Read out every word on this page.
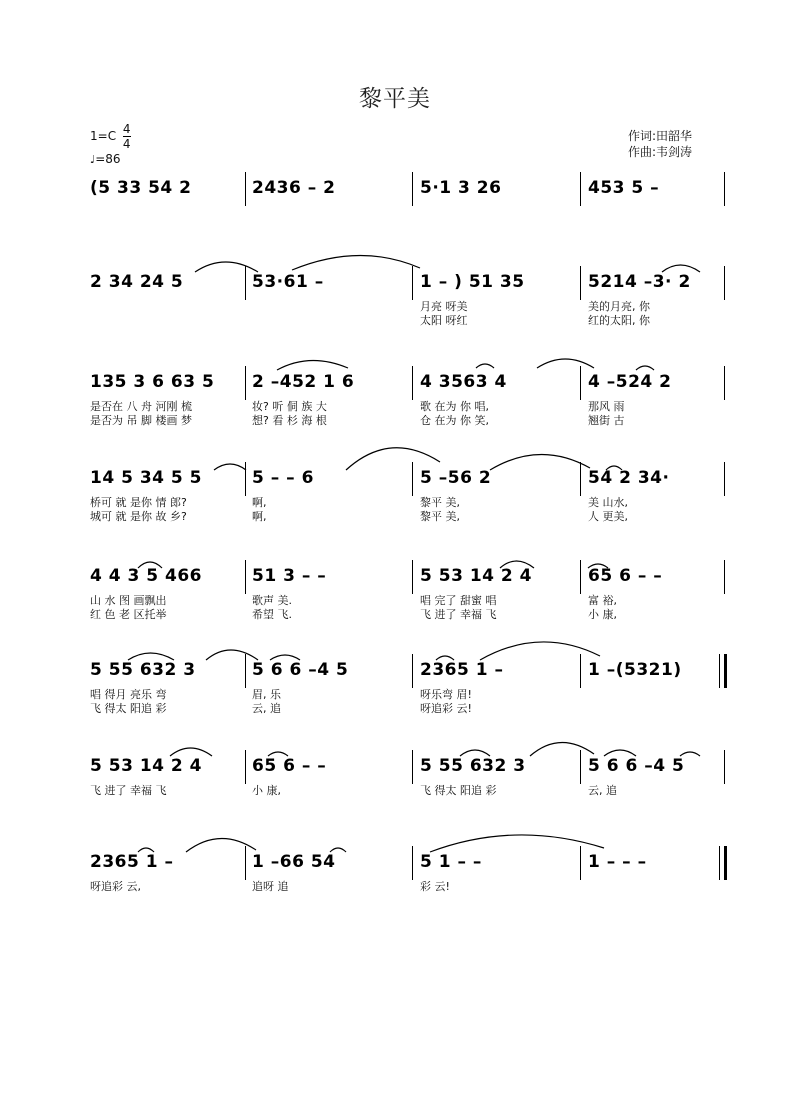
黎平美
$1=C \frac{4}{4}$
♩=86
作词:田韶华
作曲:韦剑涛
(5 33 54 2	2436 – 2	5·1 3 26	453 5 –
2 34 24 5	53·61 –	1 – ) 51 35
月亮 呀美
太阳 呀红
5214 –3· 2
美的月亮, 你
红的太阳, 你
135 3 6 63 5
是否在 八 舟 河刚 梳
是否为 吊 脚 楼画 梦
2 –452 1 6
妆? 听 侗 族 大
想? 看 杉 海 根
4 3563 4
歌 在为 你 唱,
仓 在为 你 笑,
4 –524 2
那风 雨
翘街 古
14 5 34 5 5
桥可 就 是你 情 郎?
城可 就 是你 故 乡?
5 – – 6
啊,
啊,
5 –56 2
黎平 美,
黎平 美,
54 2 34·
美 山水,
人 更美,
4 4 3 5 466
山 水 图 画飘出
红 色 老 区托举
51 3 – –
歌声 美.
希望 飞.
5 53 14 2 4
唱 完了 甜蜜 唱
飞 进了 幸福 飞
65 6 – –
富 裕,
小 康,
5 55 632 3
唱 得月 亮乐 弯
飞 得太 阳追 彩
5 6 6 –4 5
眉, 乐
云, 追
2365 1 –
呀乐弯 眉!
呀追彩 云!
1 –(5321)
5 53 14 2 4
飞 进了 幸福 飞
65 6 – –
小 康,
5 55 632 3
飞 得太 阳追 彩
5 6 6 –4 5
云, 追
2365 1 –
呀追彩 云,
1 –66 54
追呀 追
5 1 – –
彩 云!
1 – – –
